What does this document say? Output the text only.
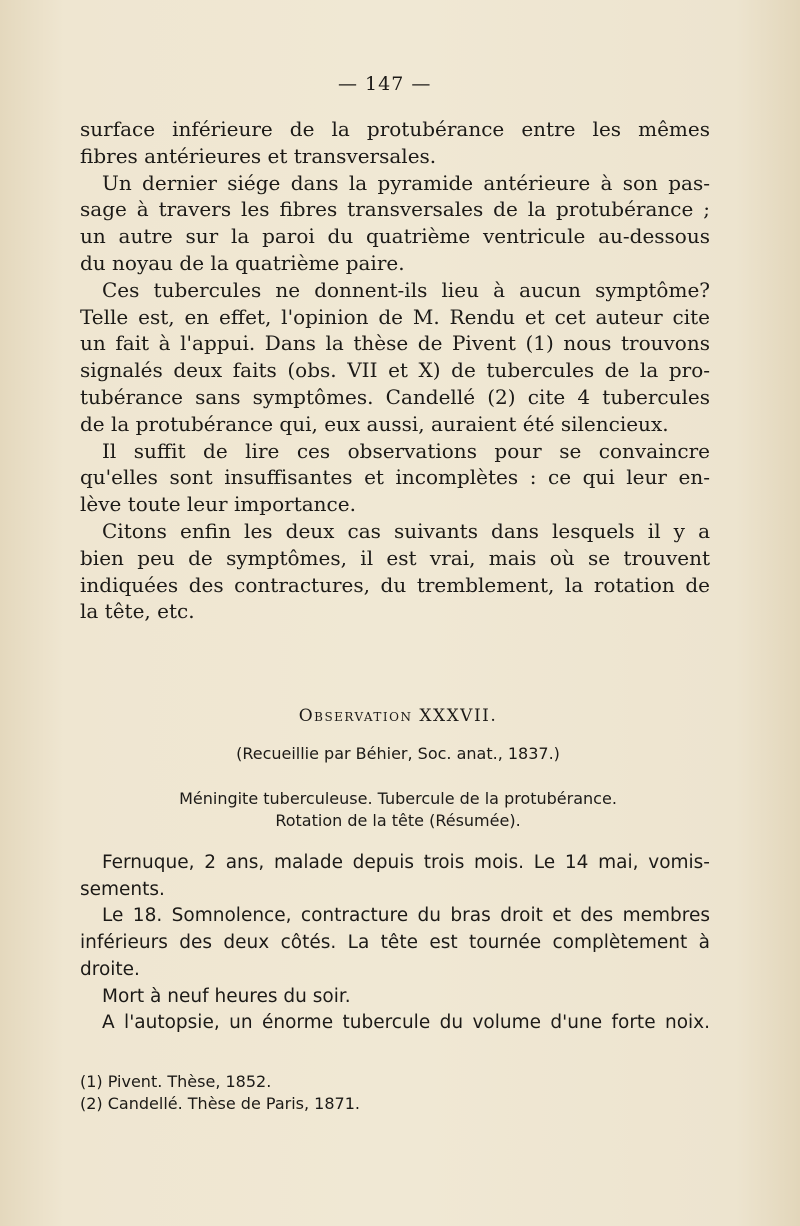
— 147 —

surface inférieure de la protubérance entre les mêmes

fibres antérieures et transversales.

Un dernier siége dans la pyramide antérieure à son pas-

sage à travers les fibres transversales de la protubérance ;

un autre sur la paroi du quatrième ventricule au-dessous

du noyau de la quatrième paire.

Ces tubercules ne donnent-ils lieu à aucun symptôme?

Telle est, en effet, l'opinion de M. Rendu et cet auteur cite

un fait à l'appui. Dans la thèse de Pivent (1) nous trouvons

signalés deux faits (obs. VII et X) de tubercules de la pro-

tubérance sans symptômes. Candellé (2) cite 4 tubercules

de la protubérance qui, eux aussi, auraient été silencieux.

Il suffit de lire ces observations pour se convaincre

qu'elles sont insuffisantes et incomplètes : ce qui leur en-

lève toute leur importance.

Citons enfin les deux cas suivants dans lesquels il y a

bien peu de symptômes, il est vrai, mais où se trouvent

indiquées des contractures, du tremblement, la rotation de

la tête, etc.

Observation XXXVII.
(Recueillie par Béhier, Soc. anat., 1837.)
Méningite tuberculeuse. Tubercule de la protubérance.
Rotation de la tête (Résumée).

Fernuque, 2 ans, malade depuis trois mois. Le 14 mai, vomis-

sements.

Le 18. Somnolence, contracture du bras droit et des membres

inférieurs des deux côtés. La tête est tournée complètement à

droite.

Mort à neuf heures du soir.

A l'autopsie, un énorme tubercule du volume d'une forte noix.

(1) Pivent. Thèse, 1852.
(2) Candellé. Thèse de Paris, 1871.
